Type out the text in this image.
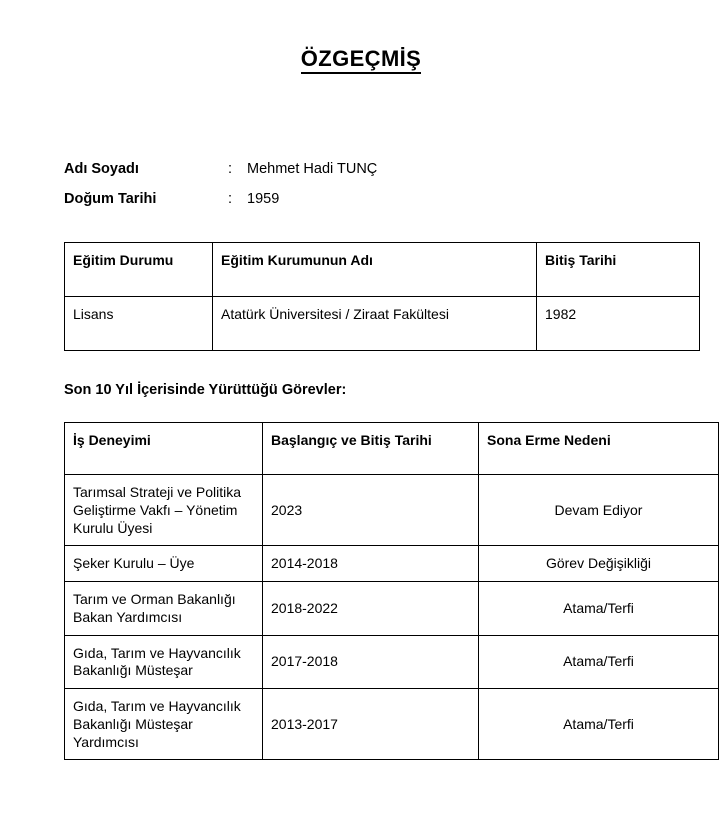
ÖZGEÇMİŞ
Adı Soyadı	:	Mehmet Hadi TUNÇ
Doğum Tarihi	:	1959
Eğitim Durumu	Eğitim Kurumunun Adı	Bitiş Tarihi
Lisans	Atatürk Üniversitesi / Ziraat Fakültesi	1982
Son 10 Yıl İçerisinde Yürüttüğü Görevler:
İş Deneyimi	Başlangıç ve Bitiş Tarihi	Sona Erme Nedeni
Tarımsal Strateji ve Politika Geliştirme Vakfı – Yönetim Kurulu Üyesi	2023	Devam Ediyor
Şeker Kurulu – Üye	2014-2018	Görev Değişikliği
Tarım ve Orman Bakanlığı Bakan Yardımcısı	2018-2022	Atama/Terfi
Gıda, Tarım ve Hayvancılık Bakanlığı Müsteşar	2017-2018	Atama/Terfi
Gıda, Tarım ve Hayvancılık Bakanlığı Müsteşar Yardımcısı	2013-2017	Atama/Terfi
